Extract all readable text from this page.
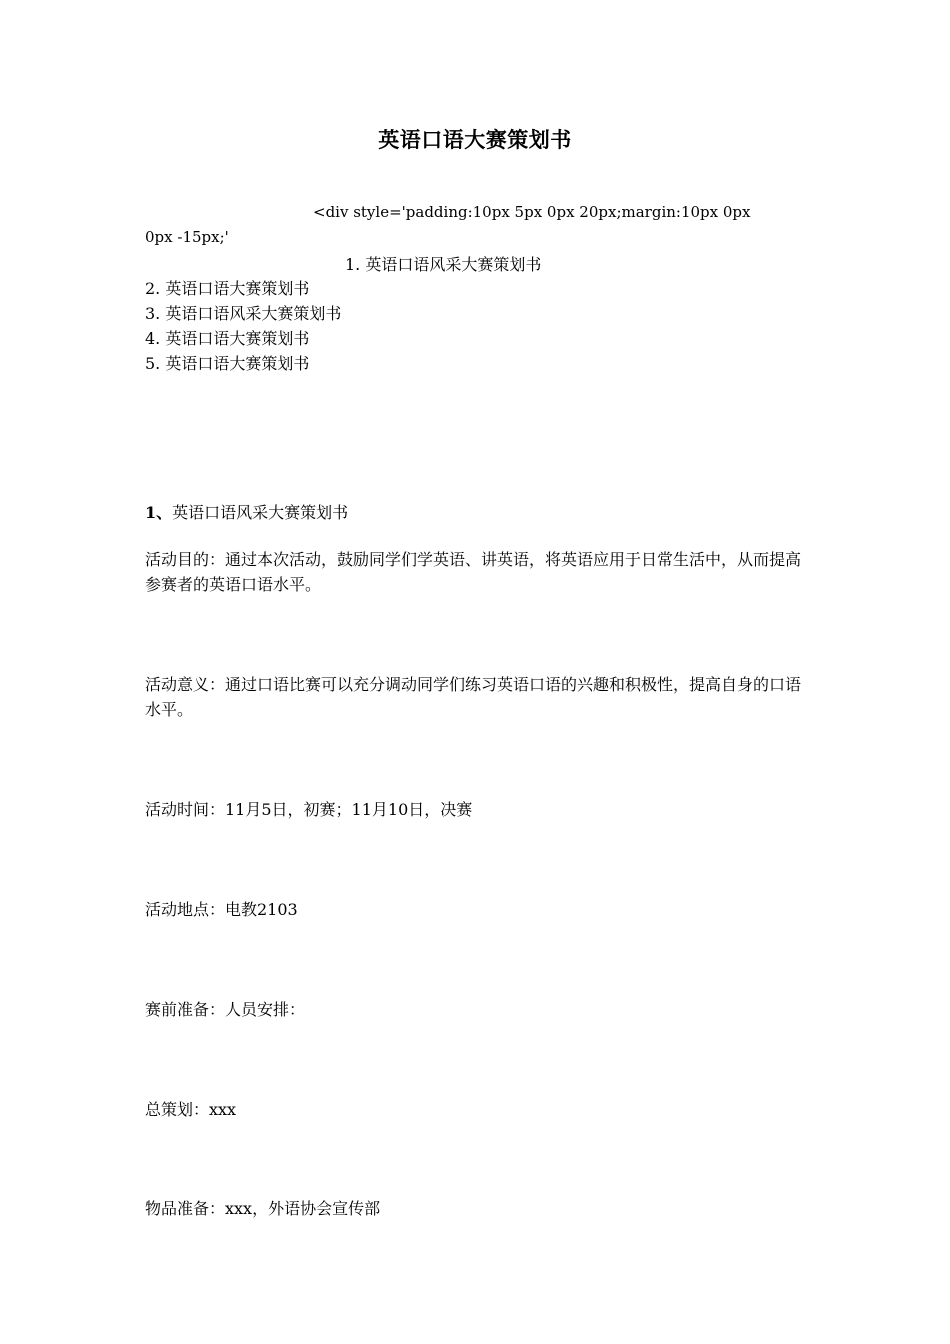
英语口语大赛策划书
<div style='padding:10px 5px 0px 20px;margin:10px 0px
0px -15px;'
1. 英语口语风采大赛策划书
2. 英语口语大赛策划书
3. 英语口语风采大赛策划书
4. 英语口语大赛策划书
5. 英语口语大赛策划书
1、英语口语风采大赛策划书
活动目的：通过本次活动，鼓励同学们学英语、讲英语，将英语应用于日常生活中，从而提高参赛者的英语口语水平。
活动意义：通过口语比赛可以充分调动同学们练习英语口语的兴趣和积极性，提高自身的口语水平。
活动时间：11月5日，初赛；11月10日，决赛
活动地点：电教2103
赛前准备：人员安排：
总策划：xxx
物品准备：xxx，外语协会宣传部
